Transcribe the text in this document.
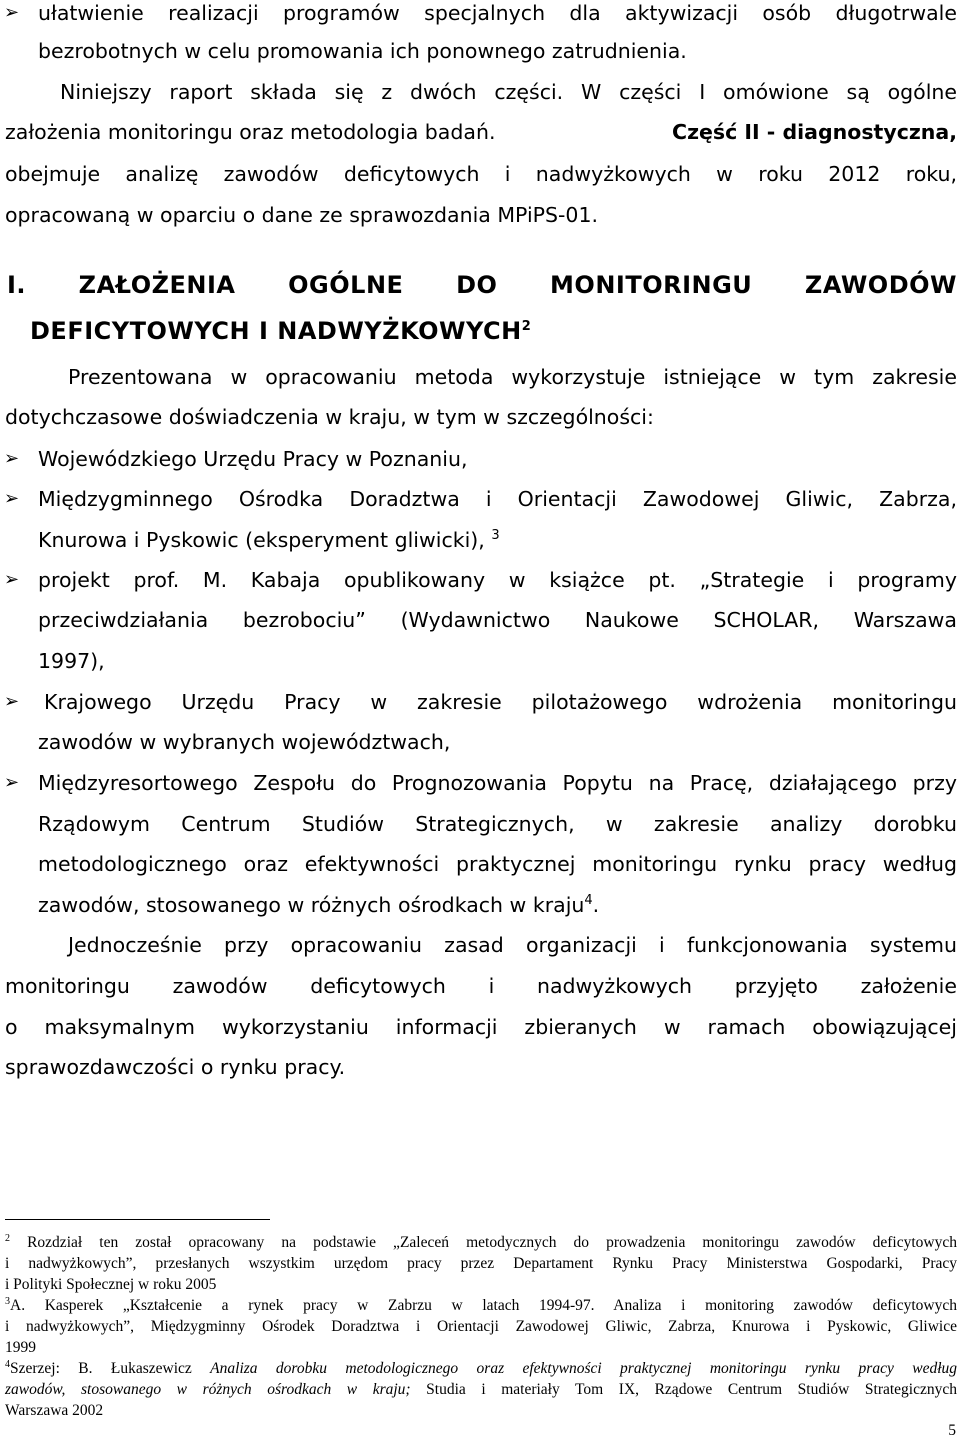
➢ ułatwienie realizacji programów specjalnych dla aktywizacji osób długotrwale
bezrobotnych w celu promowania ich ponownego zatrudnienia.
Niniejszy raport składa się z dwóch części. W części I omówione są ogólne
założenia monitoringu oraz metodologia badań.	Część II - diagnostyczna,
obejmuje analizę zawodów deficytowych i nadwyżkowych w roku 2012 roku,
opracowaną w oparciu o dane ze sprawozdania MPiPS-01.
I. ZAŁOŻENIA OGÓLNE DO MONITORINGU ZAWODÓW
DEFICYTOWYCH I NADWYŻKOWYCH$^2$
Prezentowana w opracowaniu metoda wykorzystuje istniejące w tym zakresie
dotychczasowe doświadczenia w kraju, w tym w szczególności:
➢ Wojewódzkiego Urzędu Pracy w Poznaniu,
➢ Międzygminnego Ośrodka Doradztwa i Orientacji Zawodowej Gliwic, Zabrza,
Knurowa i Pyskowic (eksperyment gliwicki), $^3$
➢ projekt prof. M. Kabaja opublikowany w książce pt. „Strategie i programy
przeciwdziałania bezrobociu” (Wydawnictwo Naukowe SCHOLAR, Warszawa
1997),
➢	Krajowego Urzędu Pracy w zakresie pilotażowego wdrożenia monitoringu
zawodów w wybranych województwach,
➢ Międzyresortowego Zespołu do Prognozowania Popytu na Pracę, działającego przy
Rządowym Centrum Studiów Strategicznych, w zakresie analizy dorobku
metodologicznego oraz efektywności praktycznej monitoringu rynku pracy według
zawodów, stosowanego w różnych ośrodkach w kraju$^4$.
Jednocześnie przy opracowaniu zasad organizacji i funkcjonowania systemu
monitoringu zawodów deficytowych i nadwyżkowych przyjęto założenie
o maksymalnym wykorzystaniu informacji zbieranych w ramach obowiązującej
sprawozdawczości o rynku pracy.
$^2$ Rozdział ten został opracowany na podstawie „Zaleceń metodycznych do prowadzenia monitoringu zawodów deficytowych
i nadwyżkowych”, przesłanych wszystkim urzędom pracy przez Departament Rynku Pracy Ministerstwa Gospodarki, Pracy
i Polityki Społecznej w roku 2005
$^3$A. Kasperek „Kształcenie a rynek pracy w Zabrzu w latach 1994-97. Analiza i monitoring zawodów deficytowych
i nadwyżkowych”, Międzygminny Ośrodek Doradztwa i Orientacji Zawodowej Gliwic, Zabrza, Knurowa i Pyskowic, Gliwice
1999
$^4$Szerzej: B. Łukaszewicz Analiza dorobku metodologicznego oraz efektywności praktycznej monitoringu rynku pracy według
zawodów, stosowanego w różnych ośrodkach w kraju; Studia i materiały Tom IX, Rządowe Centrum Studiów Strategicznych
Warszawa 2002
5
